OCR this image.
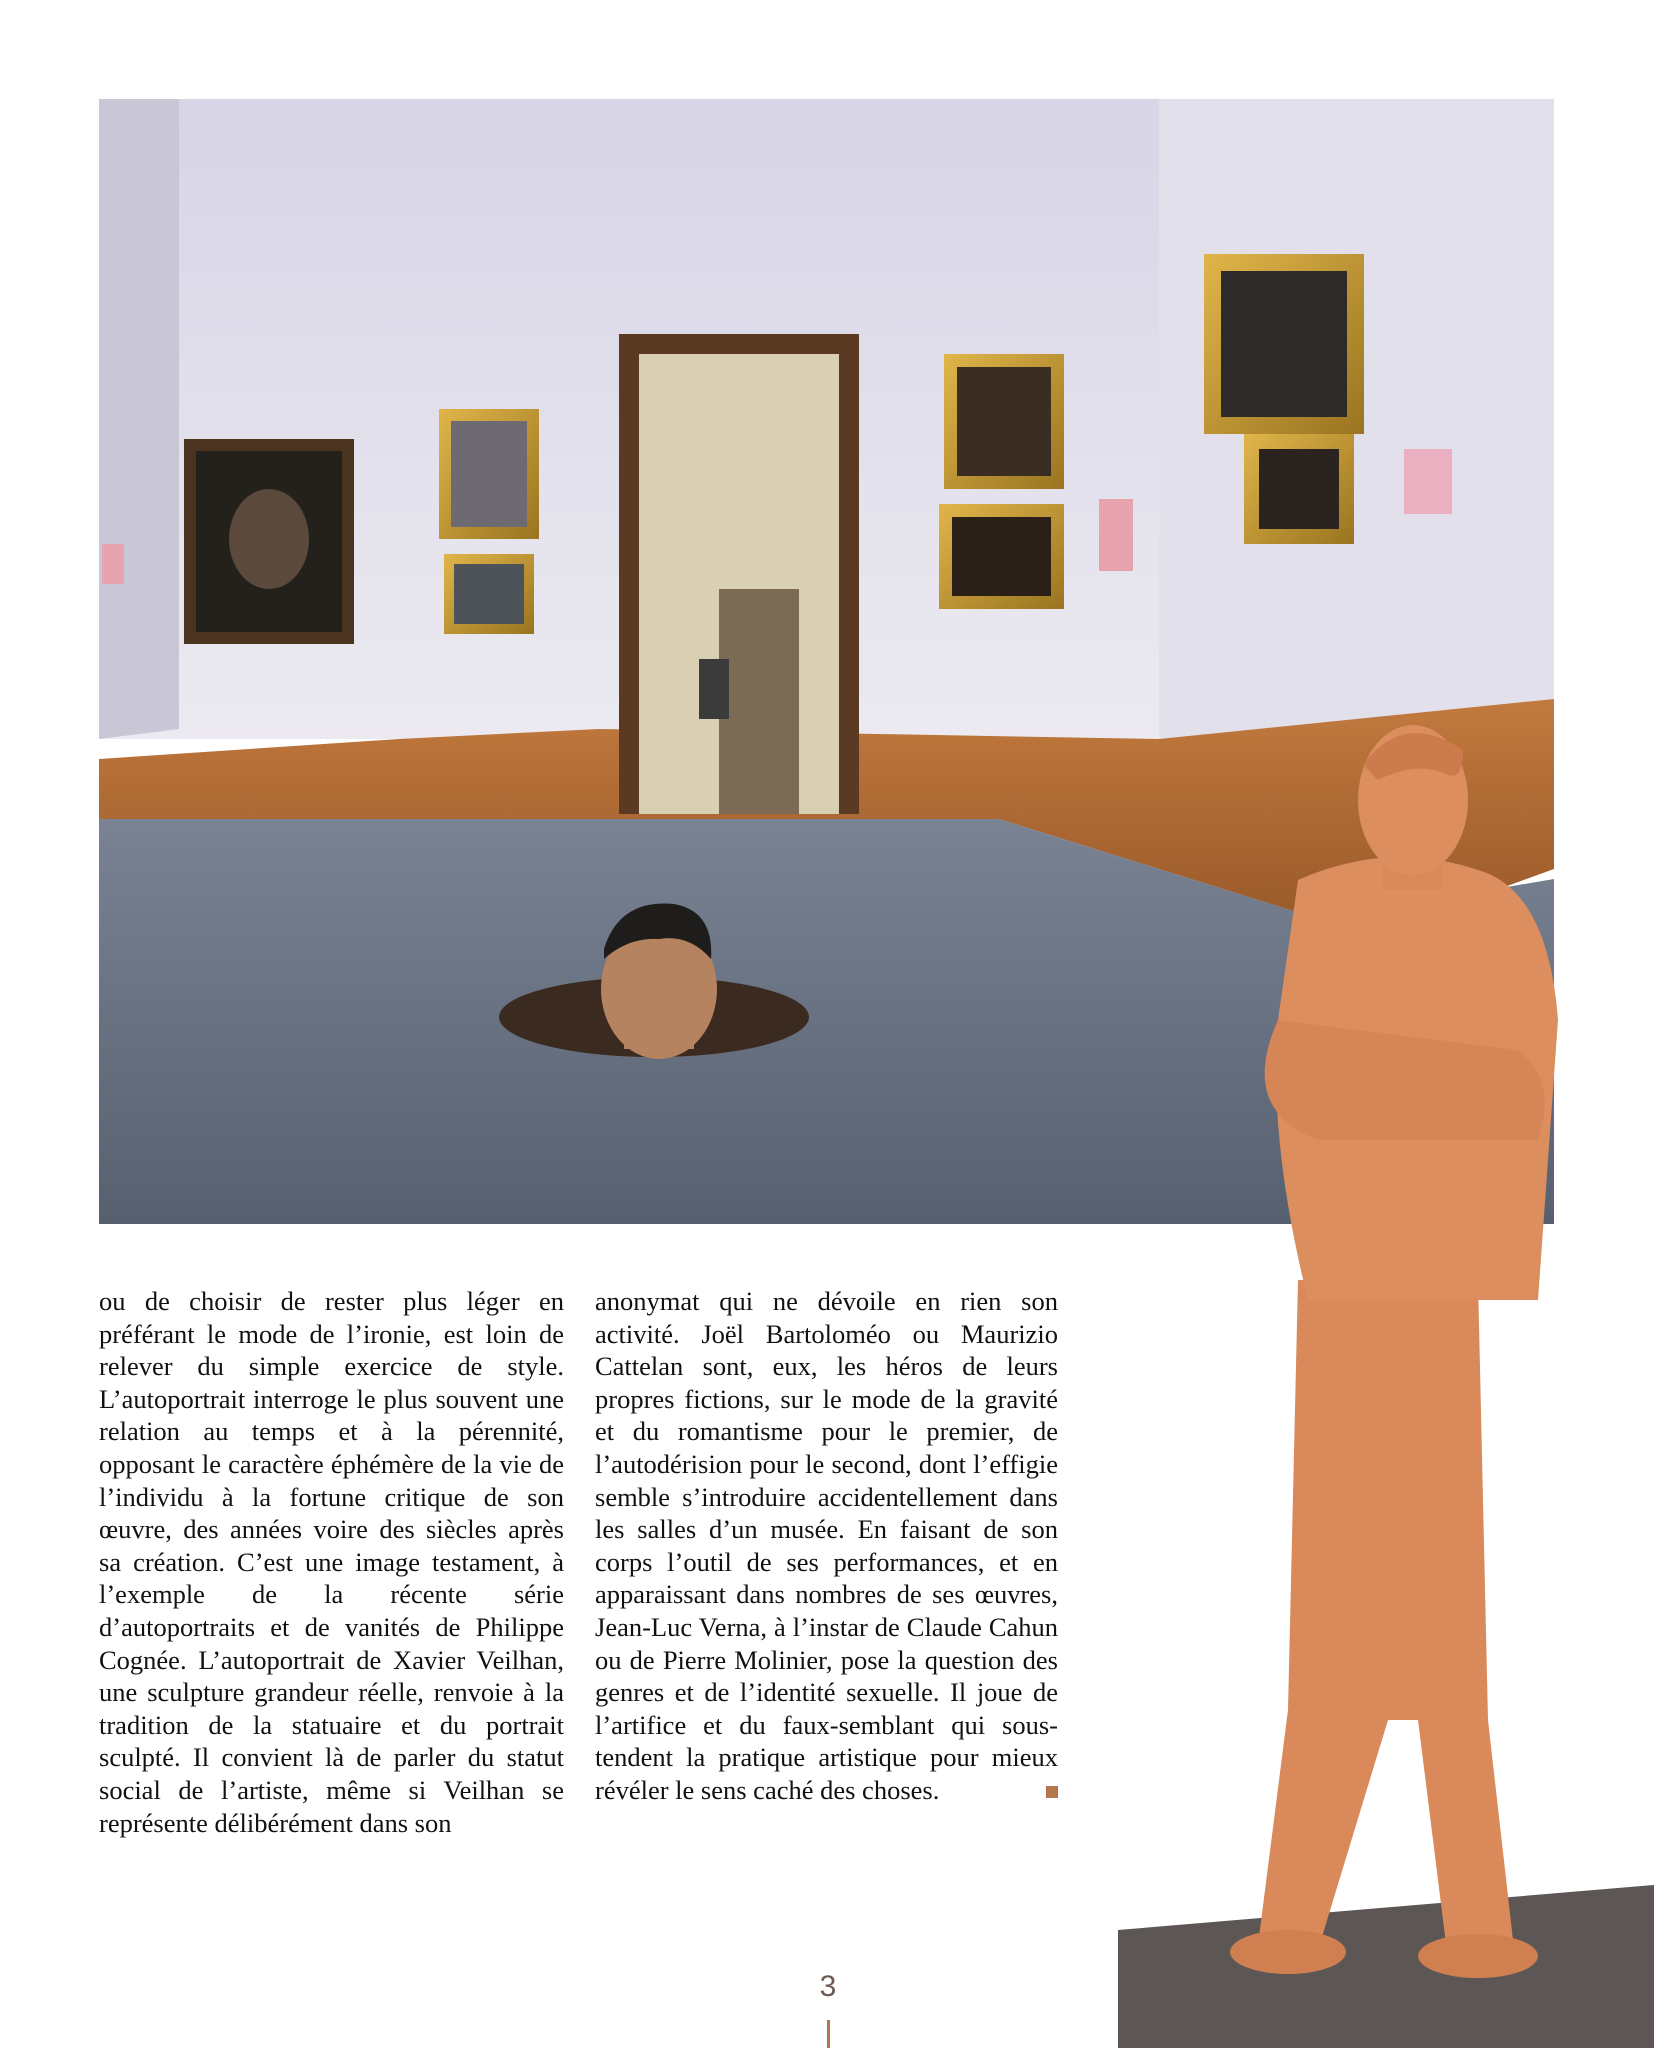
ou de choisir de rester plus léger en préférant le mode de l’ironie, est loin de relever du simple exercice de style. L’autoportrait interroge le plus souvent une relation au temps et à la pérennité, opposant le caractère éphémère de la vie de l’individu à la fortune critique de son œuvre, des années voire des siècles après sa création. C’est une image testament, à l’exemple de la récente série d’autoportraits et de vanités de Philippe Cognée. L’autoportrait de Xavier Veilhan, une sculpture grandeur réelle, renvoie à la tradition de la statuaire et du portrait sculpté. Il convient là de parler du statut social de l’artiste, même si Veilhan se représente délibérément dans son

anonymat qui ne dévoile en rien son activité. Joël Bartoloméo ou Maurizio Cattelan sont, eux, les héros de leurs propres fictions, sur le mode de la gravité et du romantisme pour le premier, de l’autodérision pour le second, dont l’effigie semble s’introduire accidentellement dans les salles d’un musée. En faisant de son corps l’outil de ses performances, et en apparaissant dans nombres de ses œuvres, Jean-Luc Verna, à l’instar de Claude Cahun ou de Pierre Molinier, pose la question des genres et de l’identité sexuelle. Il joue de l’artifice et du faux-semblant qui sous-tendent la pratique artistique pour mieux révéler le sens caché des choses.

3
